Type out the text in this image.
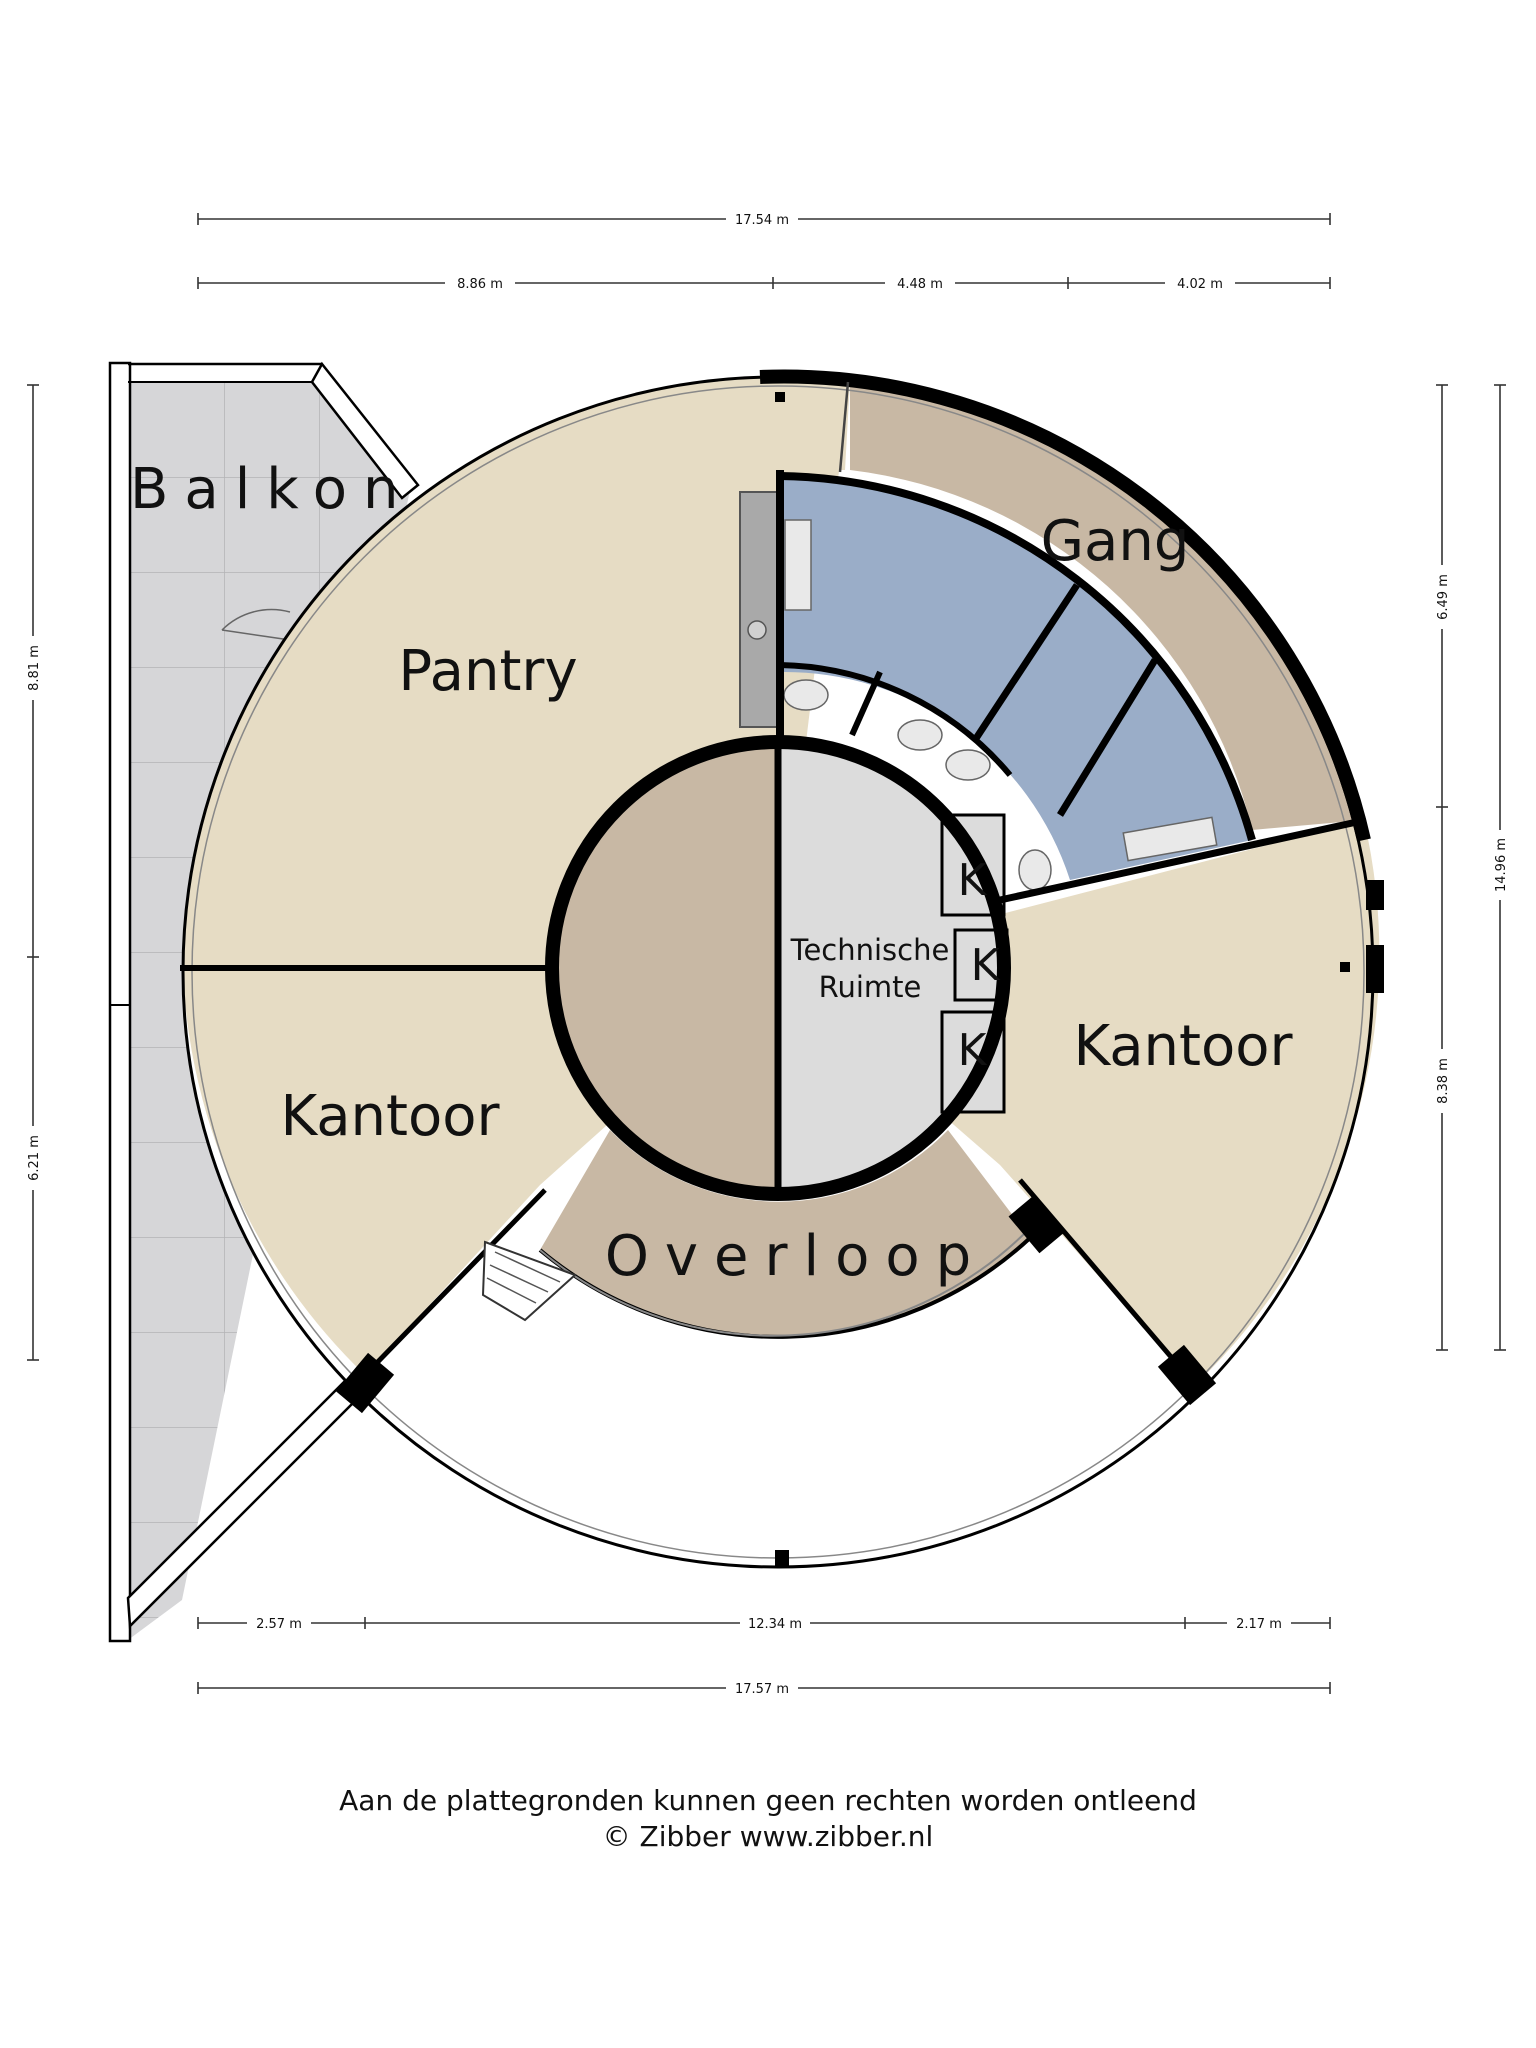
17.54 m
8.86 m	4.48 m	4.02 m
2.57 m	12.34 m	2.17 m
17.57 m
8.81 m
6.21 m
6.49 m
8.38 m
14.96 m
Balkon
Pantry
Gang
Kantoor
Kantoor
Overloop
Technische
Ruimte
K
K
K
Aan de plattegronden kunnen geen rechten worden ontleend
© Zibber www.zibber.nl
